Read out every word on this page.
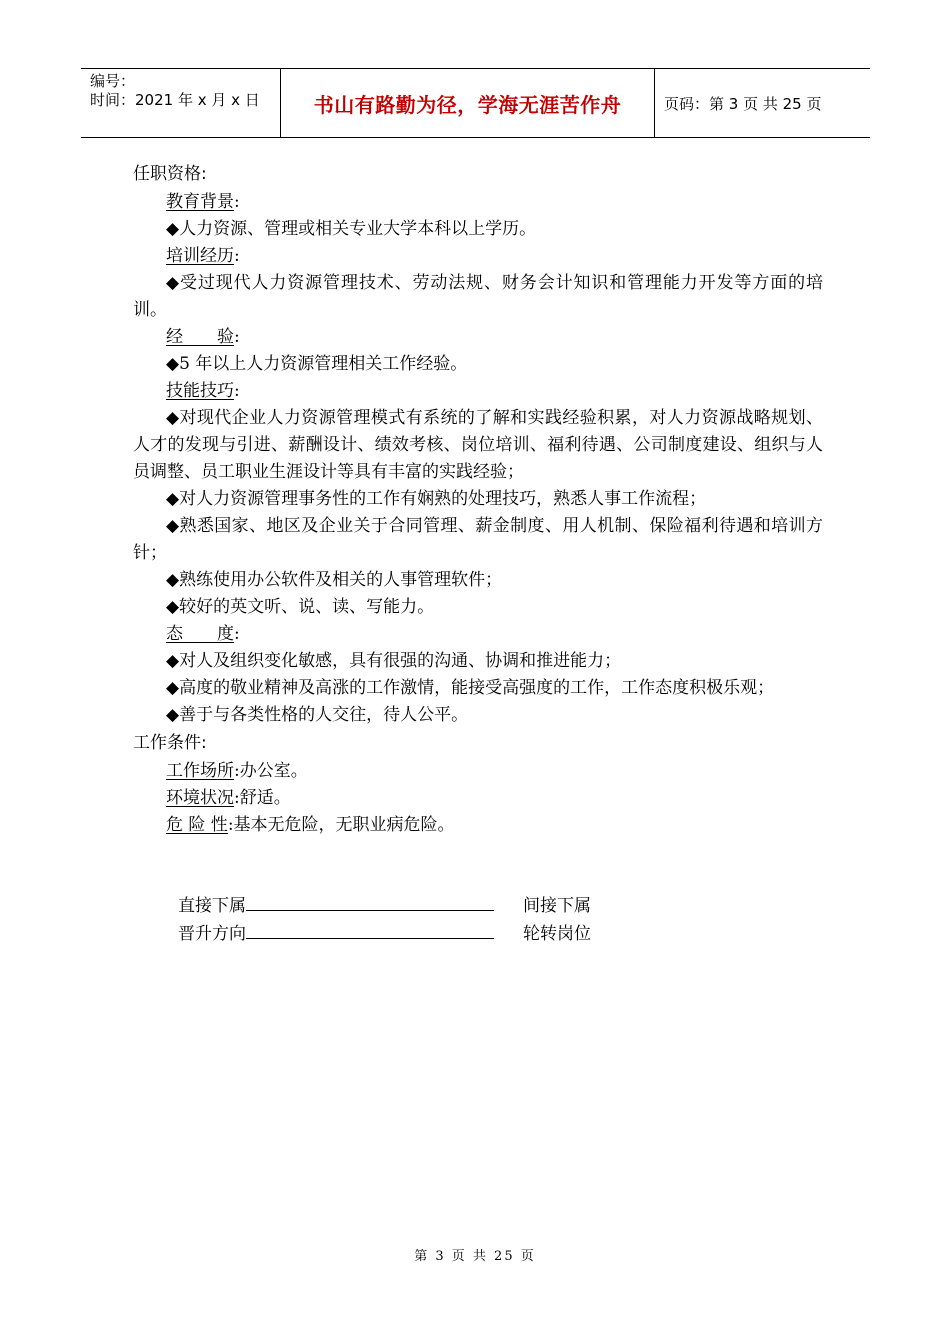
编号：
时间：2021 年 x 月 x 日	书山有路勤为径，学海无涯苦作舟	页码：第 3 页 共 25 页
任职资格:
教育背景:
◆人力资源、管理或相关专业大学本科以上学历。
培训经历:
◆受过现代人力资源管理技术、劳动法规、财务会计知识和管理能力开发等方面的培训。
经　　验:
◆5 年以上人力资源管理相关工作经验。
技能技巧:
◆对现代企业人力资源管理模式有系统的了解和实践经验积累，对人力资源战略规划、人才的发现与引进、薪酬设计、绩效考核、岗位培训、福利待遇、公司制度建设、组织与人员调整、员工职业生涯设计等具有丰富的实践经验；
◆对人力资源管理事务性的工作有娴熟的处理技巧，熟悉人事工作流程；
◆熟悉国家、地区及企业关于合同管理、薪金制度、用人机制、保险福利待遇和培训方针；
◆熟练使用办公软件及相关的人事管理软件；
◆较好的英文听、说、读、写能力。
态　　度:
◆对人及组织变化敏感，具有很强的沟通、协调和推进能力；
◆高度的敬业精神及高涨的工作激情，能接受高强度的工作，工作态度积极乐观；
◆善于与各类性格的人交往，待人公平。
工作条件:
工作场所:办公室。
环境状况:舒适。
危 险 性:基本无危险，无职业病危险。
直接下属	间接下属
晋升方向	轮转岗位
第 3 页 共 25 页
